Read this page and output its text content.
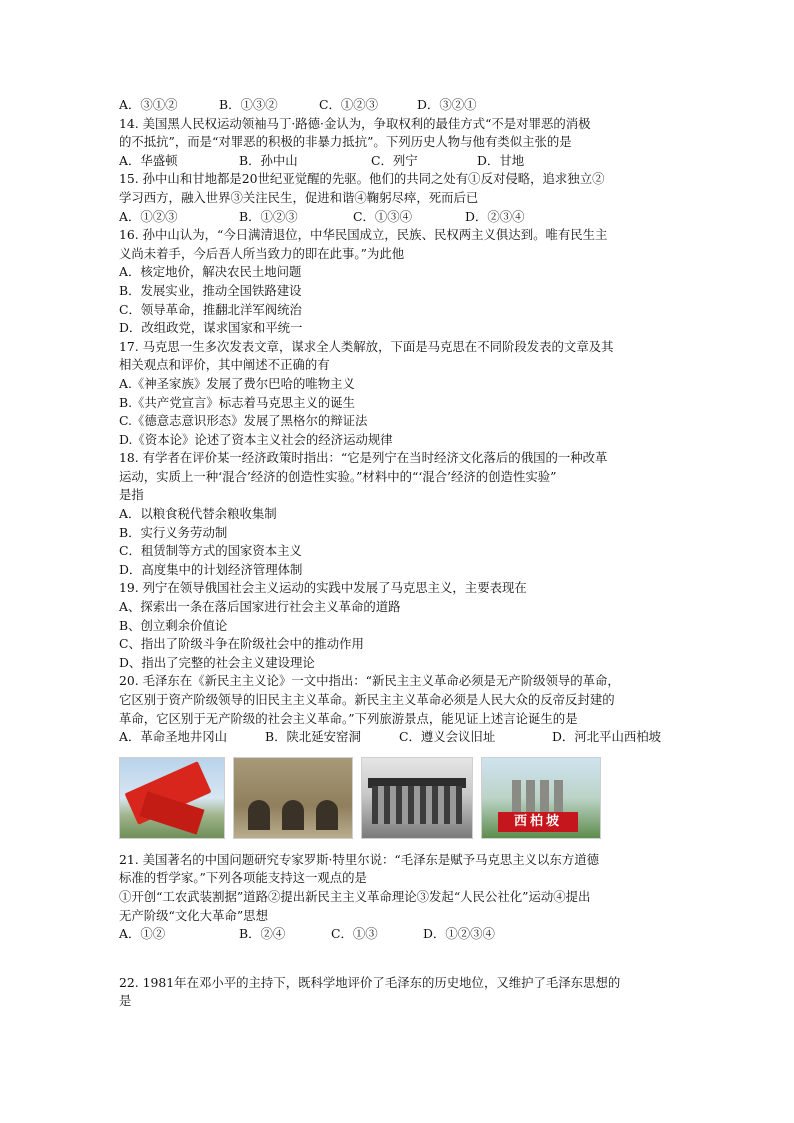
A．③①②	B．①③②	C．①②③	D．③②①
14. 美国黑人民权运动领袖马丁·路德·金认为，争取权利的最佳方式“不是对罪恶的消极
的不抵抗”，而是“对罪恶的积极的非暴力抵抗”。下列历史人物与他有类似主张的是
A．华盛顿	B．孙中山	C．列宁	D．甘地
15. 孙中山和甘地都是20世纪亚觉醒的先驱。他们的共同之处有①反对侵略，追求独立②
学习西方，融入世界③关注民生，促进和谐④鞠躬尽瘁，死而后已
A．①②③	B．①②③	C．①③④	D．②③④
16. 孙中山认为，“今日满清退位，中华民国成立，民族、民权两主义俱达到。唯有民生主
义尚未着手，今后吾人所当致力的即在此事。”为此他
A．核定地价，解决农民土地问题
B．发展实业，推动全国铁路建设
C．领导革命，推翻北洋军阀统治
D．改组政党，谋求国家和平统一
17. 马克思一生多次发表文章，谋求全人类解放，下面是马克思在不同阶段发表的文章及其
相关观点和评价，其中阐述不正确的有
A.《神圣家族》发展了费尔巴哈的唯物主义
B.《共产党宣言》标志着马克思主义的诞生
C.《德意志意识形态》发展了黑格尔的辩证法
D.《资本论》论述了资本主义社会的经济运动规律
18. 有学者在评价某一经济政策时指出：“它是列宁在当时经济文化落后的俄国的一种改革
运动，实质上一种‘混合’经济的创造性实验。”材料中的“‘混合’经济的创造性实验”
是指
A．以粮食税代替余粮收集制
B．实行义务劳动制
C．租赁制等方式的国家资本主义
D．高度集中的计划经济管理体制
19. 列宁在领导俄国社会主义运动的实践中发展了马克思主义，主要表现在
A、探索出一条在落后国家进行社会主义革命的道路
B、创立剩余价值论
C、指出了阶级斗争在阶级社会中的推动作用
D、指出了完整的社会主义建设理论
20. 毛泽东在《新民主主义论》一文中指出：“新民主主义革命必须是无产阶级领导的革命，
它区别于资产阶级领导的旧民主主义革命。新民主主义革命必须是人民大众的反帝反封建的
革命，它区别于无产阶级的社会主义革命。”下列旅游景点，能见证上述言论诞生的是
A．革命圣地井冈山	B．陕北延安窑洞	C．遵义会议旧址	D．河北平山西柏坡
西柏坡
21. 美国著名的中国问题研究专家罗斯·特里尔说：“毛泽东是赋予马克思主义以东方道德
标准的哲学家。”下列各项能支持这一观点的是
①开创“工农武装割据”道路②提出新民主主义革命理论③发起“人民公社化”运动④提出
无产阶级“文化大革命”思想
A．①②	B．②④	C．①③	D．①②③④
22. 1981年在邓小平的主持下，既科学地评价了毛泽东的历史地位，又维护了毛泽东思想的
是
